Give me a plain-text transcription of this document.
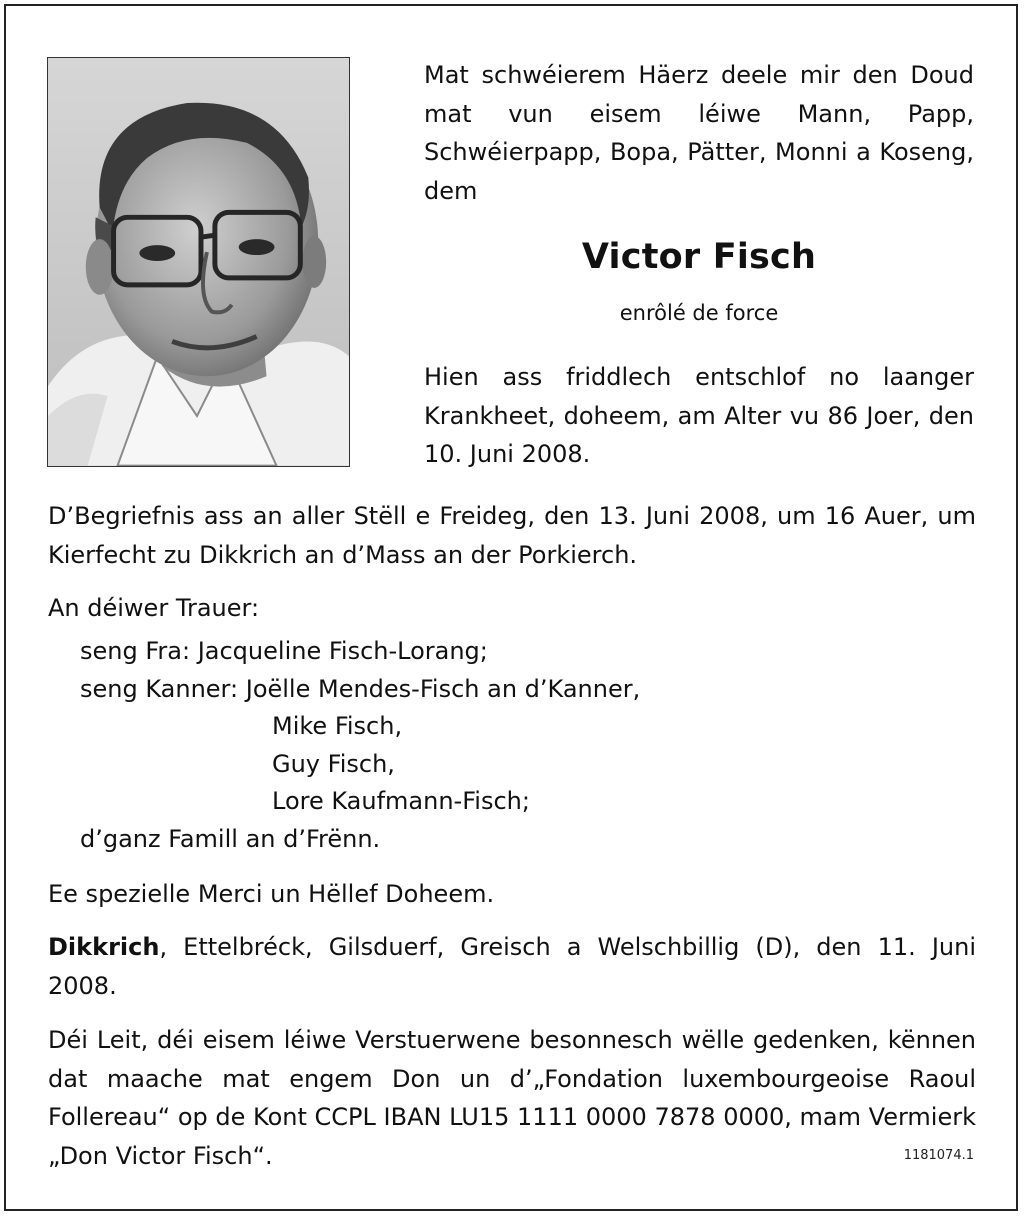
Mat schwéierem Häerz deele mir den Doud mat vun eisem léiwe Mann, Papp, Schwéierpapp, Bopa, Pätter, Monni a Koseng, dem

Victor Fisch
enrôlé de force

Hien ass friddlech entschlof no laanger Krankheet, doheem, am Alter vu 86 Joer, den 10. Juni 2008.

D’Begriefnis ass an aller Stëll e Freideg, den 13. Juni 2008, um 16 Auer, um Kierfecht zu Dikkrich an d’Mass an der Porkierch.

An déiwer Trauer:

seng Fra:
Jacqueline Fisch-Lorang;
seng Kanner:
Joëlle Mendes-Fisch an d’Kanner,
Mike Fisch,
Guy Fisch,
Lore Kaufmann-Fisch;
d’ganz Famill an d’Frënn.

Ee spezielle Merci un Hëllef Doheem.

Dikkrich, Ettelbréck, Gilsduerf, Greisch a Welschbillig (D), den 11. Juni 2008.

Déi Leit, déi eisem léiwe Verstuerwene besonnesch wëlle gedenken, kënnen dat maache mat engem Don un d’„Fondation luxembourgeoise Raoul Follereau“ op de Kont CCPL IBAN LU15 1111 0000 7878 0000, mam Vermierk „Don Victor Fisch“.	1181074.1
